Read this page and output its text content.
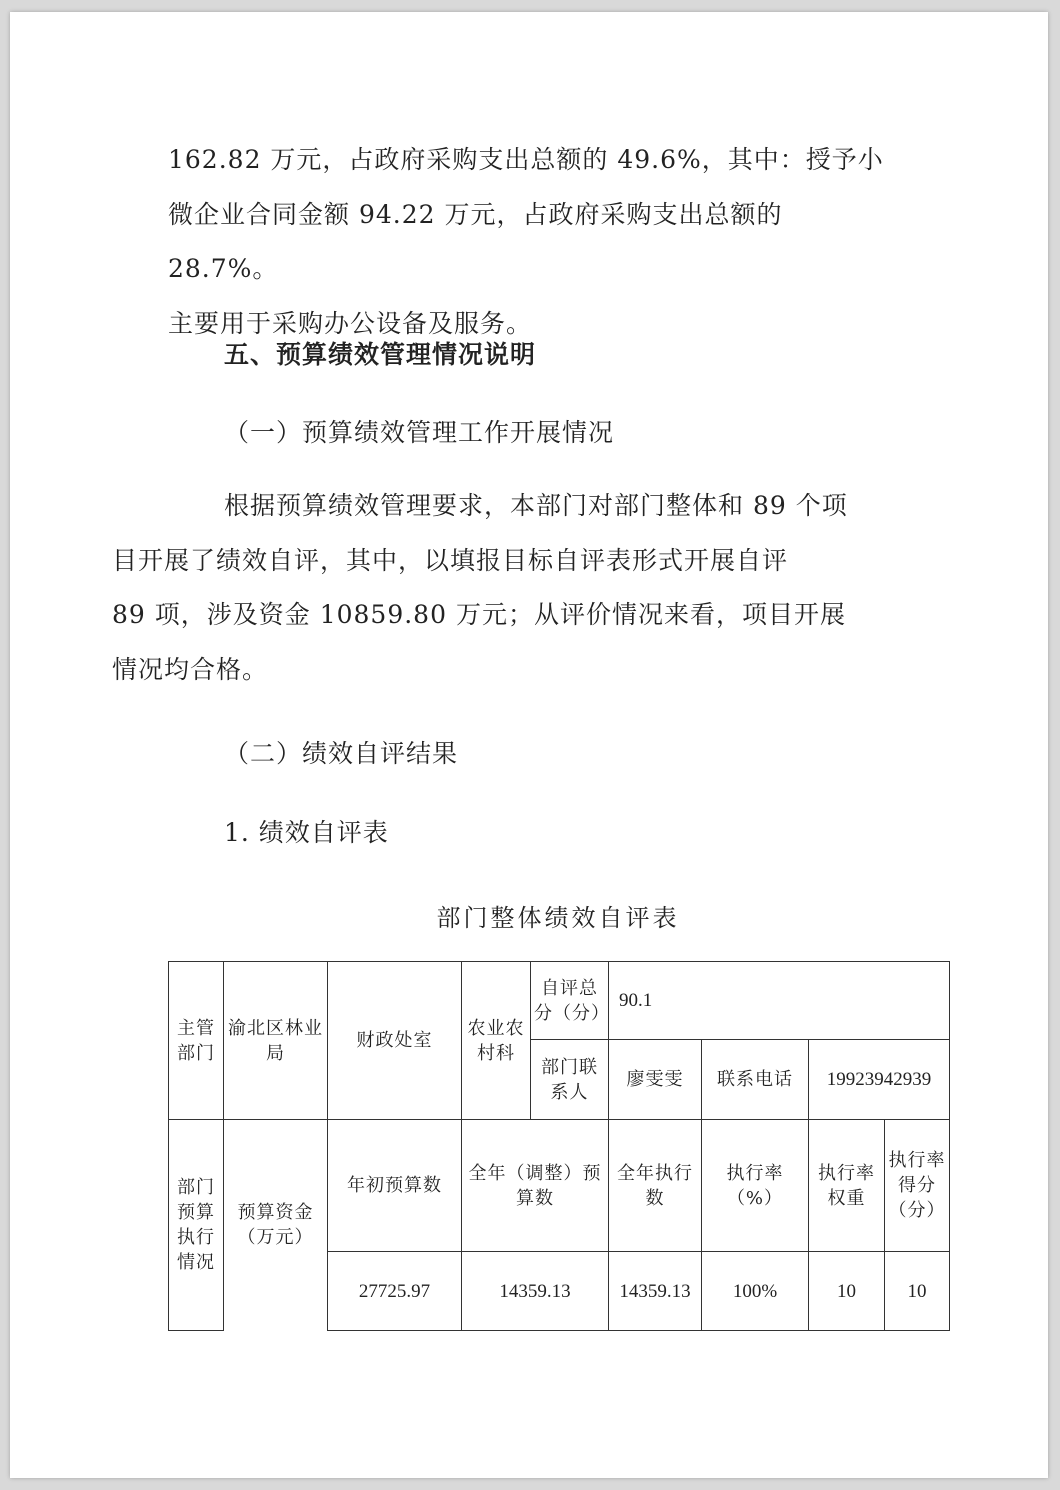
162.82 万元，占政府采购支出总额的 49.6%，其中：授予小
微企业合同金额 94.22 万元，占政府采购支出总额的 28.7%。
主要用于采购办公设备及服务。

五、预算绩效管理情况说明
（一）预算绩效管理工作开展情况

根据预算绩效管理要求，本部门对部门整体和 89 个项
目开展了绩效自评，其中，以填报目标自评表形式开展自评
89 项，涉及资金 10859.80 万元；从评价情况来看，项目开展
情况均合格。

（二）绩效自评结果
1. 绩效自评表
部门整体绩效自评表
主管部门	渝北区林业局	财政处室	农业农村科	自评总分（分）	90.1			
				部门联系人	廖雯雯	联系电话	19923942939	
部门预算执行情况	预算资金（万元）	年初预算数	全年（调整）预算数		全年执行数	执行率（%）	执行率权重	执行率得分（分）
		27725.97	14359.13		14359.13	100%	10	10
